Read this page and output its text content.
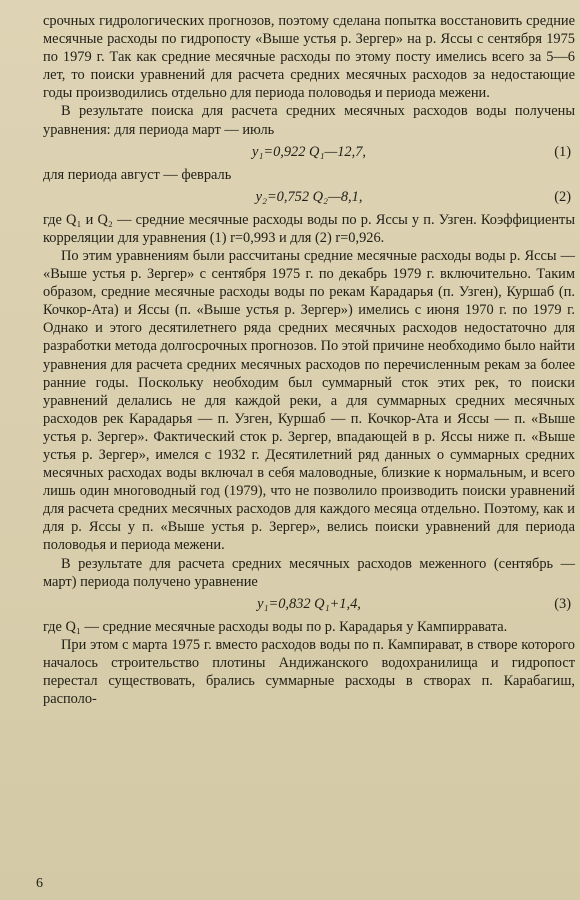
срочных гидрологических прогнозов, поэтому сделана попытка восстановить средние месячные расходы по гидропосту «Выше устья р. Зергер» на р. Яссы с сентября 1975 по 1979 г. Так как средние месячные расходы по этому посту имелись всего за 5—6 лет, то поиски уравнений для расчета средних месячных расходов за недостающие годы производились отдельно для периода половодья и периода межени.

В результате поиска для расчета средних месячных расходов воды получены уравнения: для периода март — июль

y₁=0,922 Q₁—12,7,	(1)

для периода август — февраль

y₂=0,752 Q₂—8,1,	(2)

где Q₁ и Q₂ — средние месячные расходы воды по р. Яссы у п. Узген. Коэффициенты корреляции для уравнения (1) r=0,993 и для (2) r=0,926.

По этим уравнениям были рассчитаны средние месячные расходы воды р. Яссы — «Выше устья р. Зергер» с сентября 1975 г. по декабрь 1979 г. включительно. Таким образом, средние месячные расходы воды по рекам Карадарья (п. Узген), Куршаб (п. Кочкор-Ата) и Яссы (п. «Выше устья р. Зергер») имелись с июня 1970 г. по 1979 г. Однако и этого десятилетнего ряда средних месячных расходов недостаточно для разработки метода долгосрочных прогнозов. По этой причине необходимо было найти уравнения для расчета средних месячных расходов по перечисленным рекам за более ранние годы. Поскольку необходим был суммарный сток этих рек, то поиски уравнений делались не для каждой реки, а для суммарных средних месячных расходов рек Карадарья — п. Узген, Куршаб — п. Кочкор-Ата и Яссы — п. «Выше устья р. Зергер». Фактический сток р. Зергер, впадающей в р. Яссы ниже п. «Выше устья р. Зергер», имелся с 1932 г. Десятилетний ряд данных о суммарных средних месячных расходах воды включал в себя маловодные, близкие к нормальным, и всего лишь один многоводный год (1979), что не позволило производить поиски уравнений для расчета средних месячных расходов для каждого месяца отдельно. Поэтому, как и для р. Яссы у п. «Выше устья р. Зергер», велись поиски уравнений для периода половодья и периода межени.

В результате для расчета средних месячных расходов меженного (сентябрь — март) периода получено уравнение

y₁=0,832 Q₁+1,4,	(3)

где Q₁ — средние месячные расходы воды по р. Карадарья у Кампирравата.

При этом с марта 1975 г. вместо расходов воды по п. Кампирават, в створе которого началось строительство плотины Андижанского водохранилища и гидропост перестал существовать, брались суммарные расходы в створах п. Карабагиш, располо-

6
